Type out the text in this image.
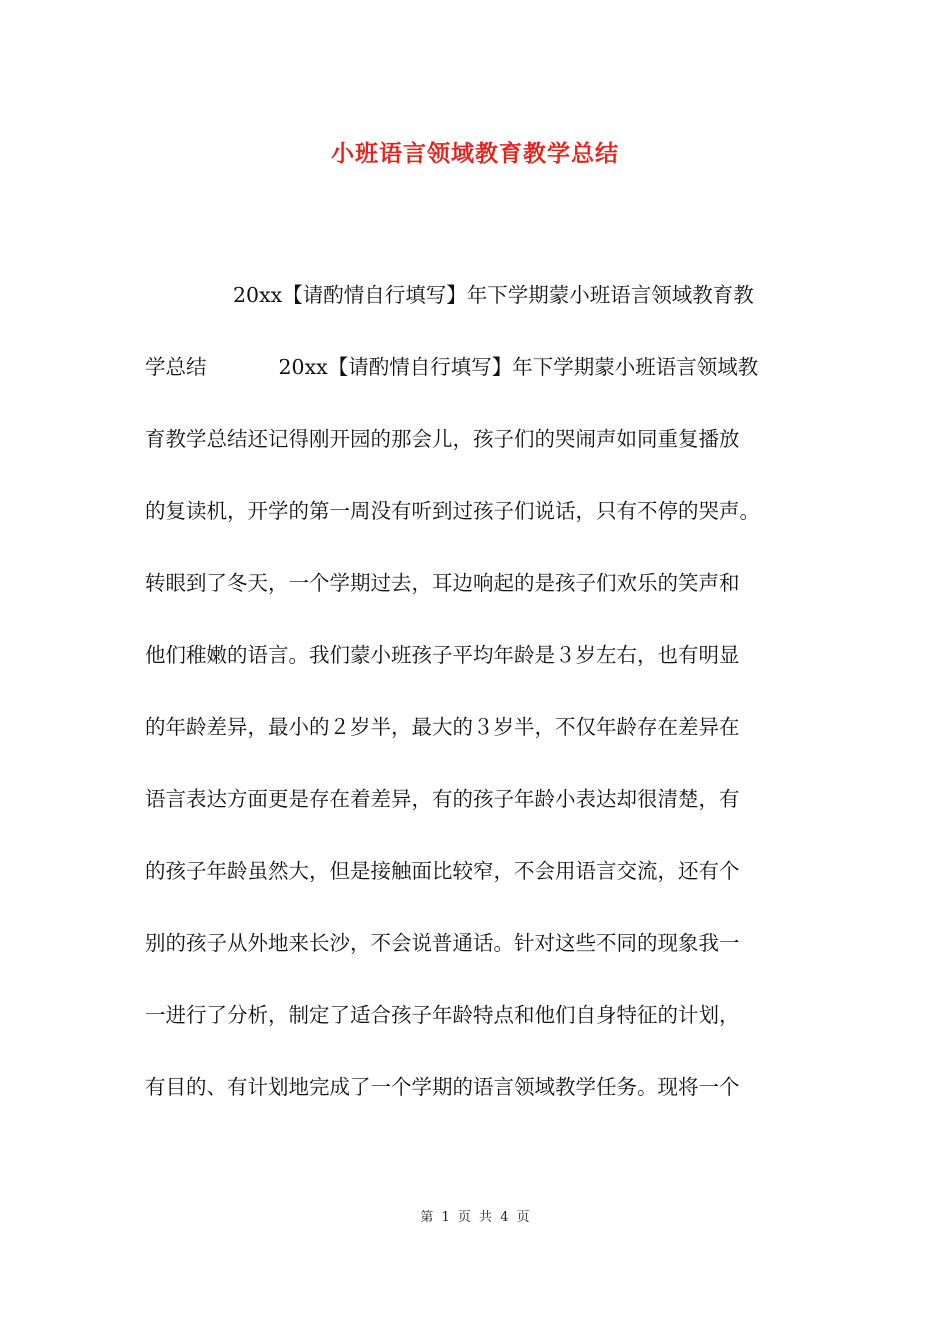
小班语言领域教育教学总结
20xx【请酌情自行填写】年下学期蒙小班语言领域教育教
学总结	20xx【请酌情自行填写】年下学期蒙小班语言领域教
育教学总结还记得刚开园的那会儿，孩子们的哭闹声如同重复播放
的复读机，开学的第一周没有听到过孩子们说话，只有不停的哭声。
转眼到了冬天，一个学期过去，耳边响起的是孩子们欢乐的笑声和
他们稚嫩的语言。我们蒙小班孩子平均年龄是３岁左右，也有明显
的年龄差异，最小的２岁半，最大的３岁半，不仅年龄存在差异在
语言表达方面更是存在着差异，有的孩子年龄小表达却很清楚，有
的孩子年龄虽然大，但是接触面比较窄，不会用语言交流，还有个
别的孩子从外地来长沙，不会说普通话。针对这些不同的现象我一
一进行了分析，制定了适合孩子年龄特点和他们自身特征的计划，
有目的、有计划地完成了一个学期的语言领域教学任务。现将一个
第 1 页 共 4 页
